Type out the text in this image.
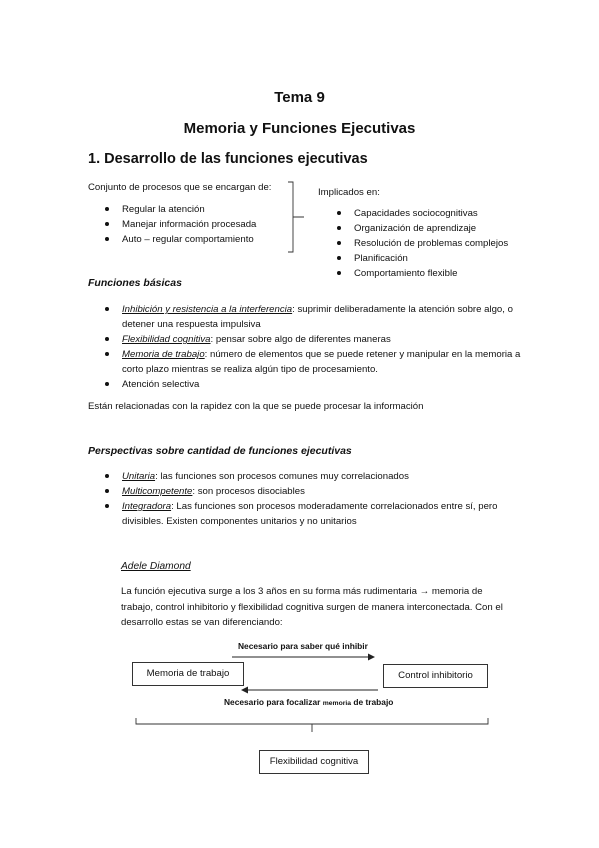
Tema 9
Memoria y Funciones Ejecutivas
1. Desarrollo de las funciones ejecutivas
Conjunto de procesos que se encargan de:
Regular la atención
Manejar información procesada
Auto – regular comportamiento
Implicados en:
Capacidades sociocognitivas
Organización de aprendizaje
Resolución de problemas complejos
Planificación
Comportamiento flexible
Funciones básicas
Inhibición y resistencia a la interferencia: suprimir deliberadamente la atención sobre algo, o detener una respuesta impulsiva
Flexibilidad cognitiva: pensar sobre algo de diferentes maneras
Memoria de trabajo: número de elementos que se puede retener y manipular en la memoria a corto plazo mientras se realiza algún tipo de procesamiento.
Atención selectiva
Están relacionadas con la rapidez con la que se puede procesar la información
Perspectivas sobre cantidad de funciones ejecutivas
Unitaria: las funciones son procesos comunes muy correlacionados
Multicompetente: son procesos disociables
Integradora: Las funciones son procesos moderadamente correlacionados entre sí, pero divisibles. Existen componentes unitarios y no unitarios
Adele Diamond
La función ejecutiva surge a los 3 años en su forma más rudimentaria → memoria de trabajo, control inhibitorio y flexibilidad cognitiva surgen de manera interconectada. Con el desarrollo estas se van diferenciando:
Necesario para saber qué inhibir
Memoria de trabajo	Control inhibitorio
Necesario para focalizar memoria de trabajo
Flexibilidad cognitiva
